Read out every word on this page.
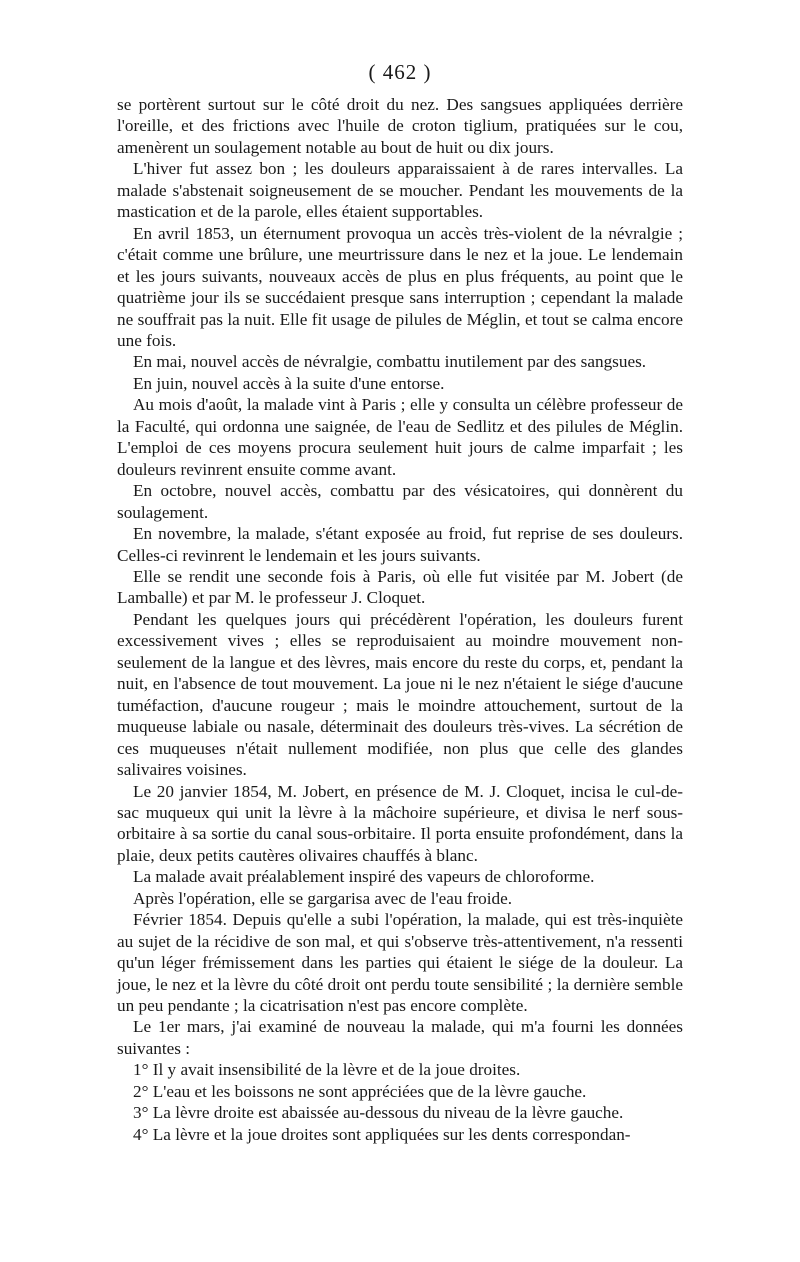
( 462 )

se portèrent surtout sur le côté droit du nez. Des sangsues appliquées derrière l'oreille, et des frictions avec l'huile de croton tiglium, pratiquées sur le cou, amenèrent un soulagement notable au bout de huit ou dix jours.

L'hiver fut assez bon ; les douleurs apparaissaient à de rares intervalles. La malade s'abstenait soigneusement de se moucher. Pendant les mouvements de la mastication et de la parole, elles étaient supportables.

En avril 1853, un éternument provoqua un accès très-violent de la névralgie ; c'était comme une brûlure, une meurtrissure dans le nez et la joue. Le lendemain et les jours suivants, nouveaux accès de plus en plus fréquents, au point que le quatrième jour ils se succédaient presque sans interruption ; cependant la malade ne souffrait pas la nuit. Elle fit usage de pilules de Méglin, et tout se calma encore une fois.

En mai, nouvel accès de névralgie, combattu inutilement par des sangsues.

En juin, nouvel accès à la suite d'une entorse.

Au mois d'août, la malade vint à Paris ; elle y consulta un célèbre professeur de la Faculté, qui ordonna une saignée, de l'eau de Sedlitz et des pilules de Méglin. L'emploi de ces moyens procura seulement huit jours de calme imparfait ; les douleurs revinrent ensuite comme avant.

En octobre, nouvel accès, combattu par des vésicatoires, qui donnèrent du soulagement.

En novembre, la malade, s'étant exposée au froid, fut reprise de ses douleurs. Celles-ci revinrent le lendemain et les jours suivants.

Elle se rendit une seconde fois à Paris, où elle fut visitée par M. Jobert (de Lamballe) et par M. le professeur J. Cloquet.

Pendant les quelques jours qui précédèrent l'opération, les douleurs furent excessivement vives ; elles se reproduisaient au moindre mouvement non-seulement de la langue et des lèvres, mais encore du reste du corps, et, pendant la nuit, en l'absence de tout mouvement. La joue ni le nez n'étaient le siége d'aucune tuméfaction, d'aucune rougeur ; mais le moindre attouchement, surtout de la muqueuse labiale ou nasale, déterminait des douleurs très-vives. La sécrétion de ces muqueuses n'était nullement modifiée, non plus que celle des glandes salivaires voisines.

Le 20 janvier 1854, M. Jobert, en présence de M. J. Cloquet, incisa le cul-de-sac muqueux qui unit la lèvre à la mâchoire supérieure, et divisa le nerf sous-orbitaire à sa sortie du canal sous-orbitaire. Il porta ensuite profondément, dans la plaie, deux petits cautères olivaires chauffés à blanc.

La malade avait préalablement inspiré des vapeurs de chloroforme.

Après l'opération, elle se gargarisa avec de l'eau froide.

Février 1854. Depuis qu'elle a subi l'opération, la malade, qui est très-inquiète au sujet de la récidive de son mal, et qui s'observe très-attentivement, n'a ressenti qu'un léger frémissement dans les parties qui étaient le siége de la douleur. La joue, le nez et la lèvre du côté droit ont perdu toute sensibilité ; la dernière semble un peu pendante ; la cicatrisation n'est pas encore complète.

Le 1er mars, j'ai examiné de nouveau la malade, qui m'a fourni les données suivantes :

1° Il y avait insensibilité de la lèvre et de la joue droites.

2° L'eau et les boissons ne sont appréciées que de la lèvre gauche.

3° La lèvre droite est abaissée au-dessous du niveau de la lèvre gauche.

4° La lèvre et la joue droites sont appliquées sur les dents correspondan-
